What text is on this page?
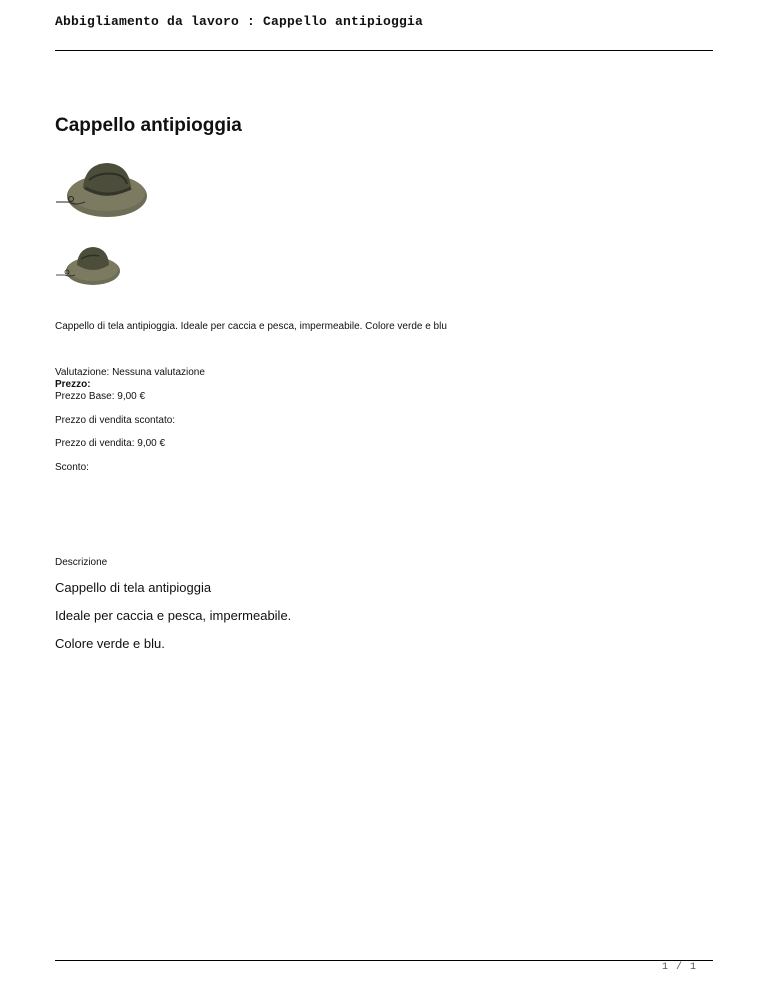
Abbigliamento da lavoro : Cappello antipioggia
Cappello antipioggia

Cappello di tela antipioggia. Ideale per caccia e pesca, impermeabile. Colore verde e blu

Valutazione: Nessuna valutazione

Prezzo:

Prezzo Base: 9,00 €

Prezzo di vendita scontato:

Prezzo di vendita: 9,00 €

Sconto:

Descrizione

Cappello di tela antipioggia

Ideale per caccia e pesca, impermeabile.

Colore verde e blu.

1 / 1
